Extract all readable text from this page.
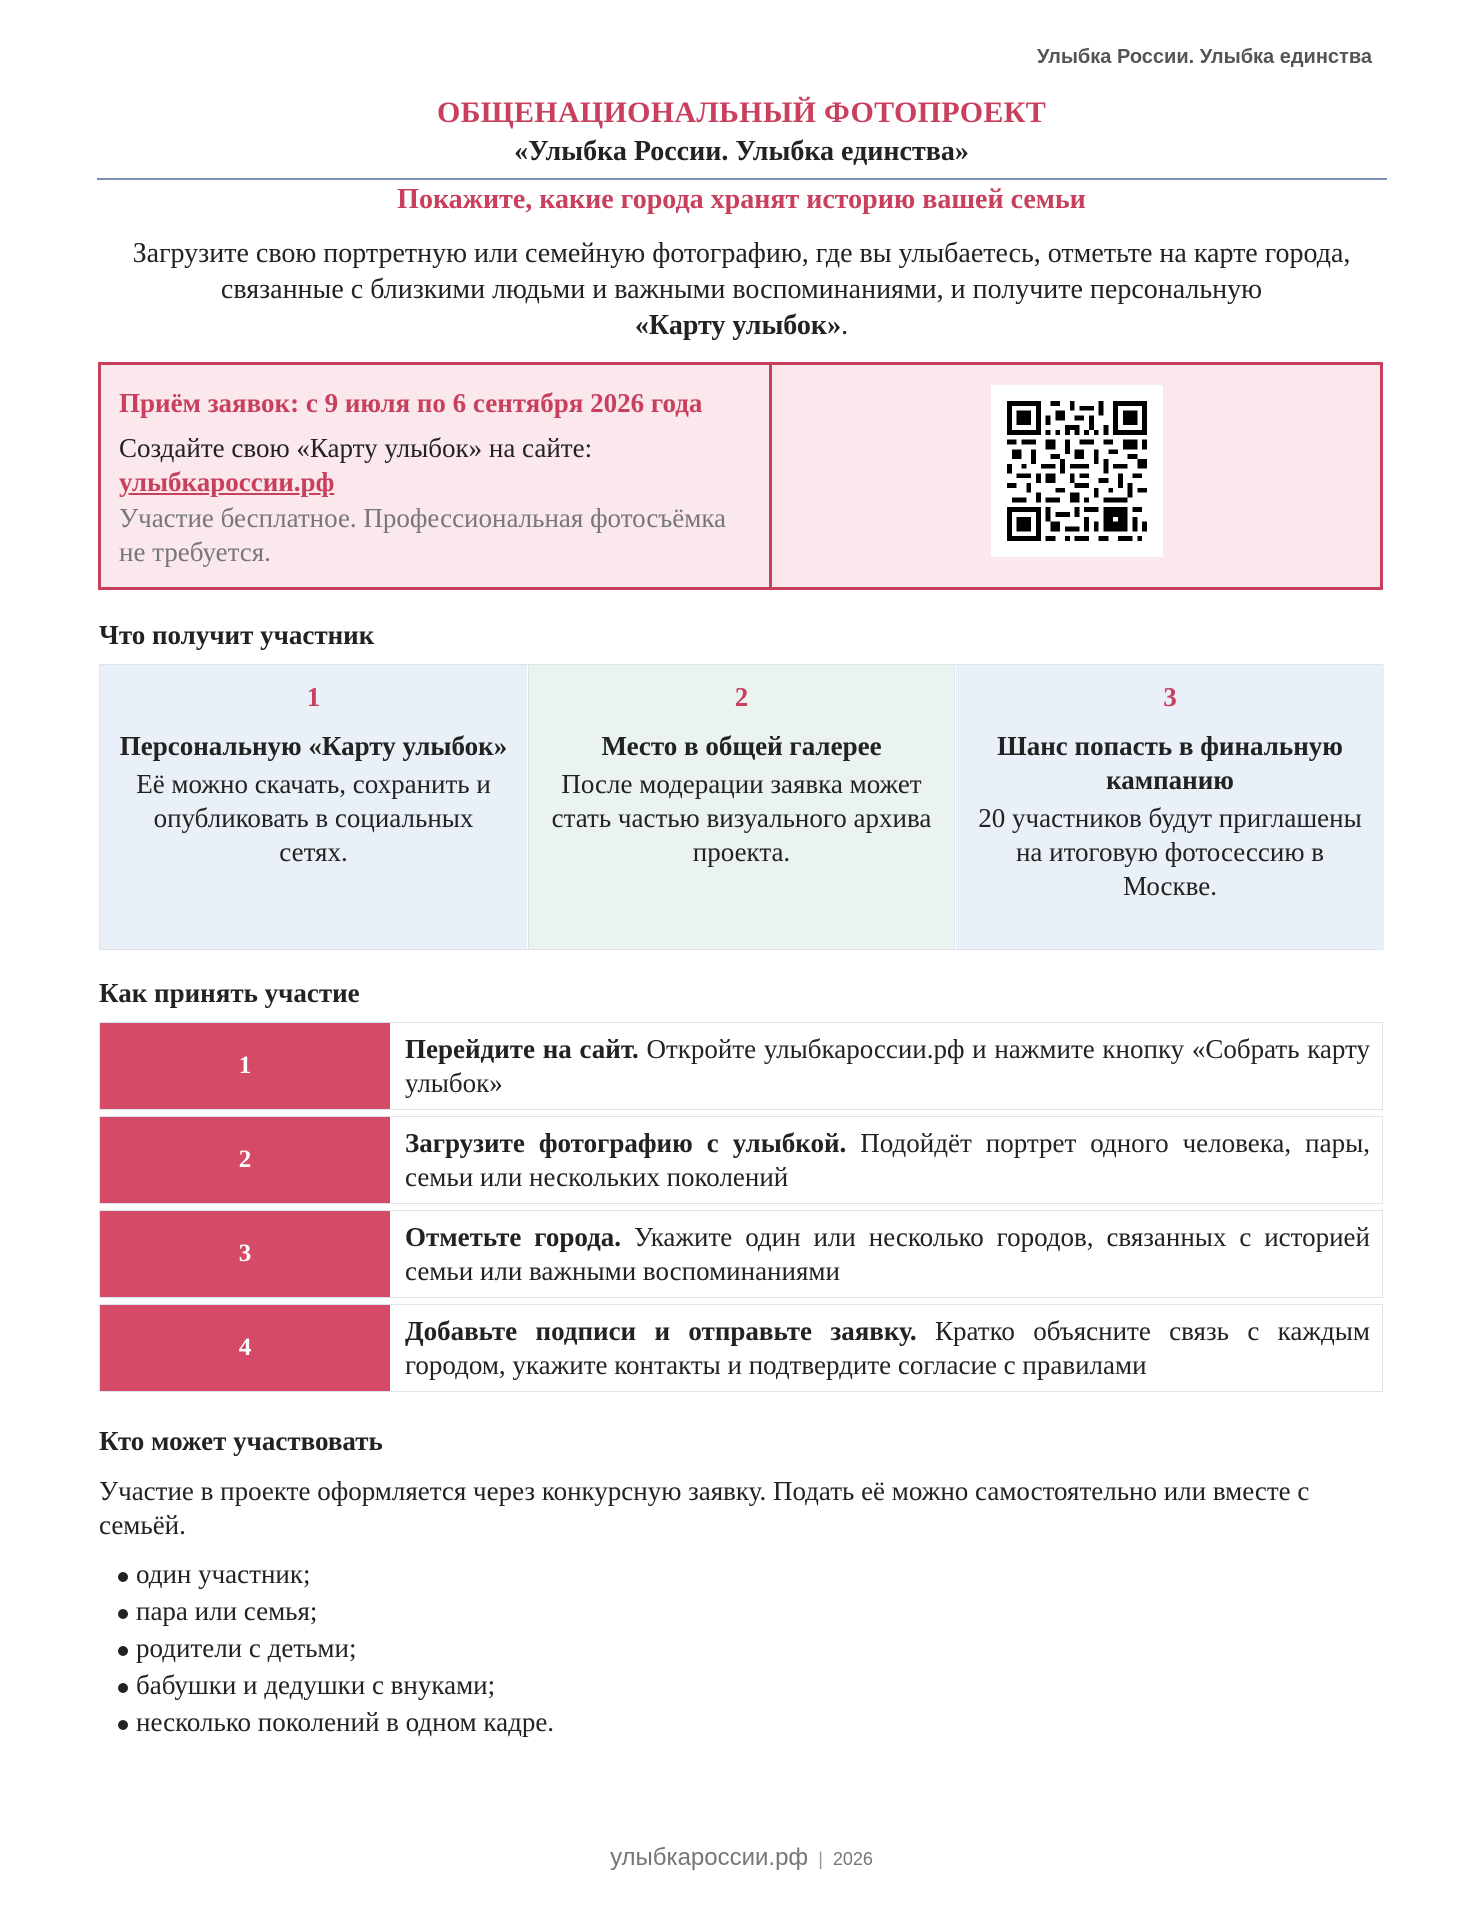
Улыбка России. Улыбка единства
ОБЩЕНАЦИОНАЛЬНЫЙ ФОТОПРОЕКТ
«Улыбка России. Улыбка единства»
Покажите, какие города хранят историю вашей семьи
Загрузите свою портретную или семейную фотографию, где вы улыбаетесь, отметьте на карте города, связанные с близкими людьми и важными воспоминаниями, и получите персональную
«Карту улыбок».
Приём заявок: с 9 июля по 6 сентября 2026 года
Создайте свою «Карту улыбок» на сайте:
улыбкароссии.рф
Участие бесплатное. Профессиональная фотосъёмка не требуется.
Что получит участник
1
Персональную «Карту улыбок»
Её можно скачать, сохранить и опубликовать в социальных сетях.
2
Место в общей галерее
После модерации заявка может стать частью визуального архива проекта.
3
Шанс попасть в финальную кампанию
20 участников будут приглашены на итоговую фотосессию в Москве.
Как принять участие
1
Перейдите на сайт. Откройте улыбкароссии.рф и нажмите кнопку «Собрать карту улыбок»
2
Загрузите фотографию с улыбкой. Подойдёт портрет одного человека, пары, семьи или нескольких поколений
3
Отметьте города. Укажите один или несколько городов, связанных с историей семьи или важными воспоминаниями
4
Добавьте подписи и отправьте заявку. Кратко объясните связь с каждым городом, укажите контакты и подтвердите согласие с правилами
Кто может участвовать
Участие в проекте оформляется через конкурсную заявку. Подать её можно самостоятельно или вместе с семьёй.
один участник;
пара или семья;
родители с детьми;
бабушки и дедушки с внуками;
несколько поколений в одном кадре.
улыбкароссии.рф | 2026
